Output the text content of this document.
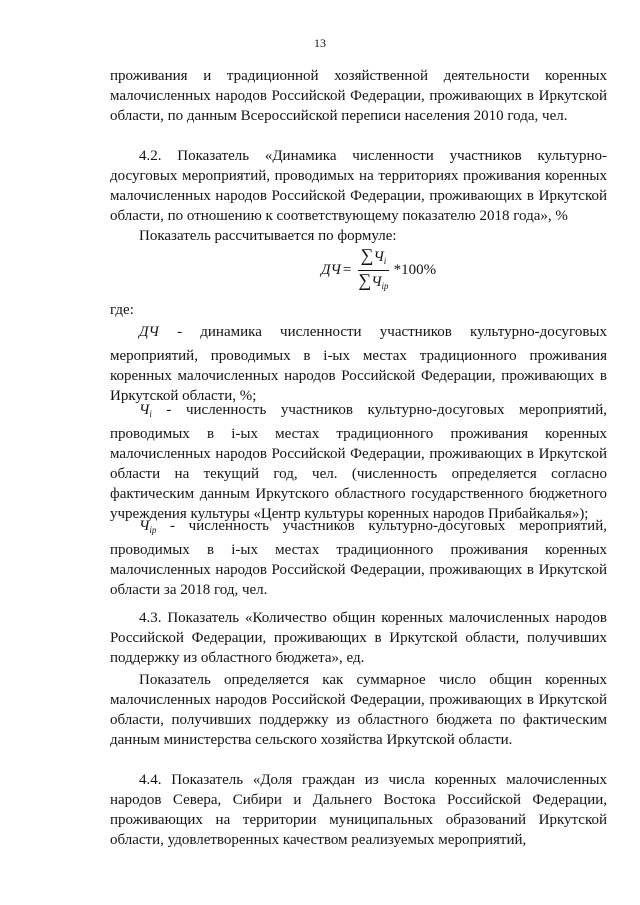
13

проживания и традиционной хозяйственной деятельности коренных малочисленных народов Российской Федерации, проживающих в Иркутской области, по данным Всероссийской переписи населения 2010 года, чел.

4.2. Показатель «Динамика численности участников культурно-досуговых мероприятий, проводимых на территориях проживания коренных малочисленных народов Российской Федерации, проживающих в Иркутской области, по отношению к соответствующему показателю 2018 года», %

Показатель рассчитывается по формуле:

ДЧ = $\frac{\sum Ч_i}{\sum Ч_{iр}} *100\%$

где:

ДЧ - динамика численности участников культурно-досуговых мероприятий, проводимых в i-ых местах традиционного проживания коренных малочисленных народов Российской Федерации, проживающих в Иркутской области, %;

$Ч_i$ - численность участников культурно-досуговых мероприятий, проводимых в i-ых местах традиционного проживания коренных малочисленных народов Российской Федерации, проживающих в Иркутской области на текущий год, чел. (численность определяется согласно фактическим данным Иркутского областного государственного бюджетного учреждения культуры «Центр культуры коренных народов Прибайкалья»);

$Ч_{iр}$ - численность участников культурно-досуговых мероприятий, проводимых в i-ых местах традиционного проживания коренных малочисленных народов Российской Федерации, проживающих в Иркутской области за 2018 год, чел.

4.3. Показатель «Количество общин коренных малочисленных народов Российской Федерации, проживающих в Иркутской области, получивших поддержку из областного бюджета», ед.

Показатель определяется как суммарное число общин коренных малочисленных народов Российской Федерации, проживающих в Иркутской области, получивших поддержку из областного бюджета по фактическим данным министерства сельского хозяйства Иркутской области.

4.4. Показатель «Доля граждан из числа коренных малочисленных народов Севера, Сибири и Дальнего Востока Российской Федерации, проживающих на территории муниципальных образований Иркутской области, удовлетворенных качеством реализуемых мероприятий,
